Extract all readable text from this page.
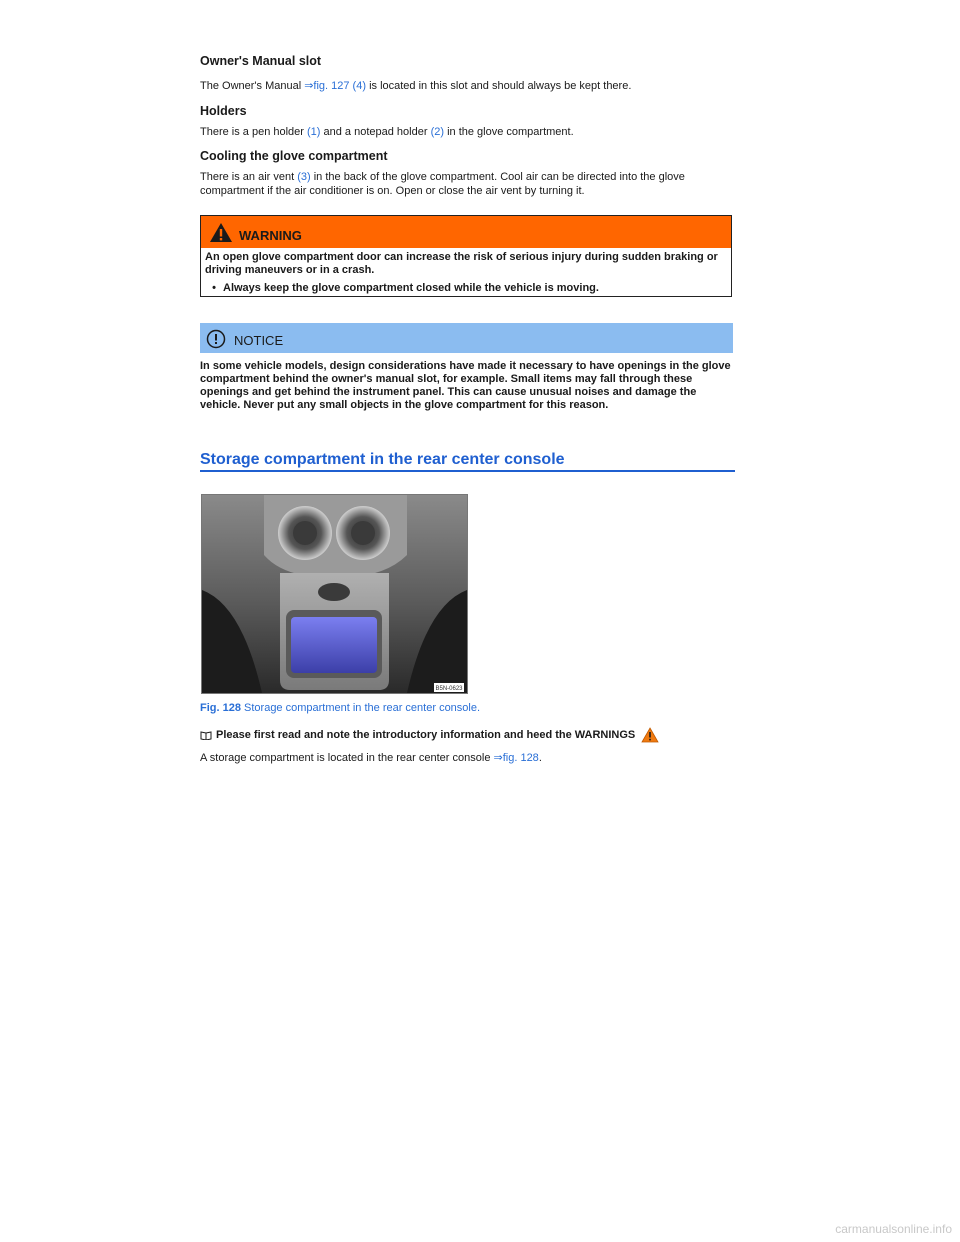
Owner's Manual slot

The Owner's Manual ⇒fig. 127 (4) is located in this slot and should always be kept there.

Holders

There is a pen holder (1) and a notepad holder (2) in the glove compartment.

Cooling the glove compartment

There is an air vent (3) in the back of the glove compartment. Cool air can be directed into the glove compartment if the air conditioner is on. Open or close the air vent by turning it.

WARNING
An open glove compartment door can increase the risk of serious injury during sudden braking or driving maneuvers or in a crash.
• Always keep the glove compartment closed while the vehicle is moving.
NOTICE
In some vehicle models, design considerations have made it necessary to have openings in the glove compartment behind the owner's manual slot, for example. Small items may fall through these openings and get behind the instrument panel. This can cause unusual noises and damage the vehicle. Never put any small objects in the glove compartment for this reason.
Storage compartment in the rear center console
B5N-0623
Fig. 128 Storage compartment in the rear center console.
Please first read and note the introductory information and heed the WARNINGS

A storage compartment is located in the rear center console ⇒fig. 128.

carmanualsonline.info
